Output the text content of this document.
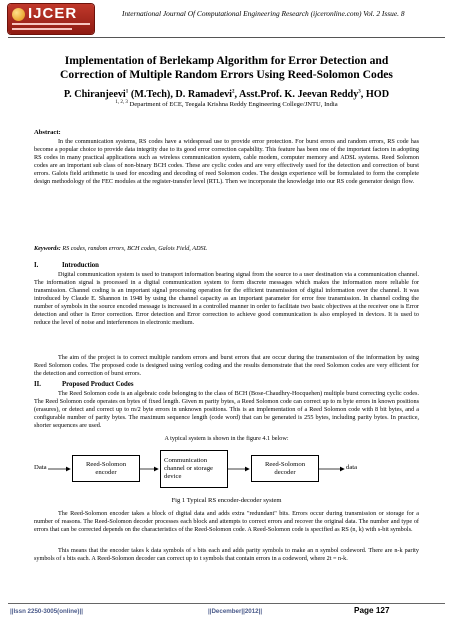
IJCER	International Journal Of Computational Engineering Research (ijceronline.com) Vol. 2 Issue. 8
Implementation of Berlekamp Algorithm for Error Detection and
Correction of Multiple Random Errors Using Reed-Solomon Codes
P. Chiranjeevi$^1$ (M.Tech), D. Ramadevi$^2$, Asst.Prof. K. Jeevan Reddy$^3$, HOD
$^{1, 2, 3}$ Department of ECE, Teegala Krishna Reddy Engineering College/JNTU, India
Abstract:
In the communication systems, RS codes have a widespread use to provide error protection. For burst errors and random errors, RS code has become a popular choice to provide data integrity due to its good error correction capability. This feature has been one of the important factors in adopting RS codes in many practical applications such as wireless communication system, cable modem, computer memory and ADSL systems. Reed Solomon codes are an important sub class of non-binary BCH codes. These are cyclic codes and are very effectively used for the detection and correction of burst errors. Galois field arithmetic is used for encoding and decoding of reed Solomon codes. The design experience will be formulated to form the complete design methodology of the FEC modules at the register-transfer level (RTL). Then we incorporate the knowledge into our RS code generator design flow.
Keywords: RS codes, random errors, BCH codes, Galois Field, ADSL
I.	Introduction
Digital communication system is used to transport information bearing signal from the source to a user destination via a communication channel. The information signal is processed in a digital communication system to form discrete messages which makes the information more reliable for transmission. Channel coding is an important signal processing operation for the efficient transmission of digital information over the channel. It was introduced by Claude E. Shannon in 1948 by using the channel capacity as an important parameter for error free transmission. In channel coding the number of symbols in the source encoded message is increased in a controlled manner in order to facilitate two basic objectives at the receiver one is Error detection and other is Error correction. Error detection and Error correction to achieve good communication is also employed in devices. It is used to reduce the level of noise and interferences in electronic medium.
The aim of the project is to correct multiple random errors and burst errors that are occur during the transmission of the information by using Reed Solomon codes. The proposed code is designed using verilog coding and the results demonstrate that the reed Solomon codes are very efficient for the detection and correction of burst errors.
II.	Proposed Product Codes
The Reed Solomon code is an algebraic code belonging to the class of BCH (Bose-Chaudhry-Hocquehen) multiple burst correcting cyclic codes. The Reed Solomon code operates on bytes of fixed length. Given m parity bytes, a Reed Solomon code can correct up to m byte errors in known positions (erasures), or detect and correct up to m/2 byte errors in unknown positions. This is an implementation of a Reed Solomon code with 8 bit bytes, and a configurable number of parity bytes. The maximum sequence length (code word) that can be generated is 255 bytes, including parity bytes. In practice, shorter sequences are used.
A typical system is shown in the figure 4.1 below:
Data	Reed-Solomon encoder
Communication channel or storage device
Reed-Solomon decoder
data
Fig 1 Typical RS encoder-decoder system
The Reed-Solomon encoder takes a block of digital data and adds extra "redundant" bits. Errors occur during transmission or storage for a number of reasons. The Reed-Solomon decoder processes each block and attempts to correct errors and recover the original data. The number and type of errors that can be corrected depends on the characteristics of the Reed-Solomon code. A Reed-Solomon code is specified as RS (n, k) with s-bit symbols.
This means that the encoder takes k data symbols of s bits each and adds parity symbols to make an n symbol codeword. There are n-k parity symbols of s bits each. A Reed-Solomon decoder can correct up to t symbols that contain errors in a codeword, where 2t = n-k.
||Issn 2250-3005(online)||	||December||2012||	Page 127
